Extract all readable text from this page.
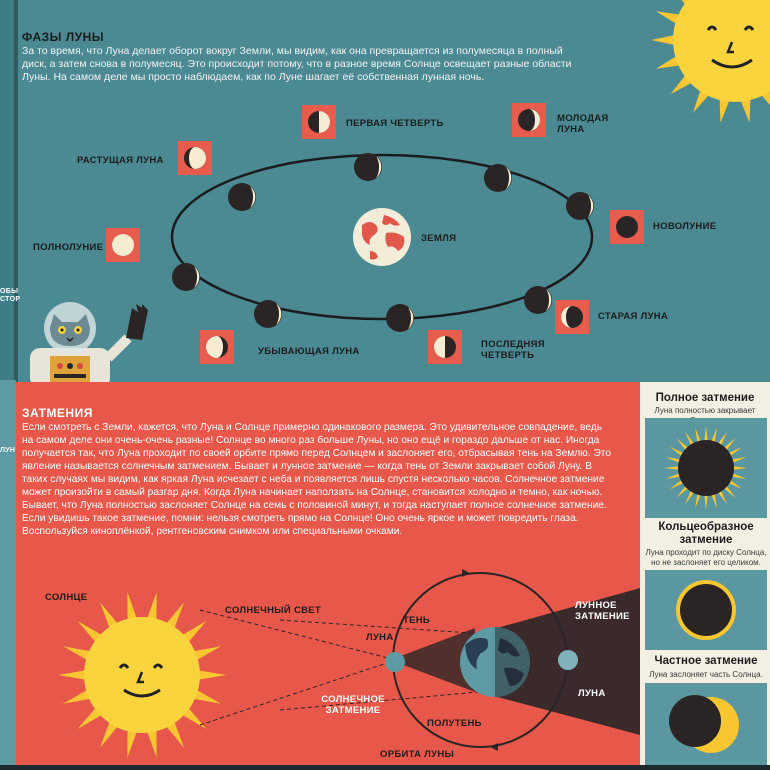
ОБЫ СТОР
ЛУН
ФАЗЫ ЛУНЫ
За то время, что Луна делает оборот вокруг Земли, мы видим, как она превращается из полумесяца в полный диск, а затем снова в полумесяц. Это происходит потому, что в разное время Солнце освещает разные области Луны. На самом деле мы просто наблюдаем, как по Луне шагает её собственная лунная ночь.
ЗЕМЛЯ
ПЕРВАЯ ЧЕТВЕРТЬ	МОЛОДАЯ ЛУНА
РАСТУЩАЯ ЛУНА
НОВОЛУНИЕ
ПОЛНОЛУНИЕ
СТАРАЯ ЛУНА
УБЫВАЮЩАЯ ЛУНА
ПОСЛЕДНЯЯ ЧЕТВЕРТЬ
ЗАТМЕНИЯ
Если смотреть с Земли, кажется, что Луна и Солнце примерно одинакового размера. Это удивительное совпадение, ведь на самом деле они очень-очень разные! Солнце во много раз больше Луны, но оно ещё и гораздо дальше от нас. Иногда получается так, что Луна проходит по своей орбите прямо перед Солнцем и заслоняет его, отбрасывая тень на Землю. Это явление называется солнечным затмением. Бывает и лунное затмение — когда тень от Земли закрывает собой Луну. В таких случаях мы видим, как яркая Луна исчезает с неба и появляется лишь спустя несколько часов. Солнечное затмение может произойти в самый разгар дня. Когда Луна начинает наползать на Солнце, становится холодно и темно, как ночью. Бывает, что Луна полностью заслоняет Солнце на семь с половиной минут, и тогда наступает полное солнечное затмение. Если увидишь такое затмение, помни: нельзя смотреть прямо на Солнце! Оно очень яркое и может повредить глаза. Воспользуйся киноплёнкой, рентгеновским снимком или специальными очками.
СОЛНЦЕ
СОЛНЕЧНЫЙ СВЕТ
ТЕНЬ
ЛУНА
ЛУННОЕ ЗАТМЕНИЕ
ЛУНА
СОЛНЕЧНОЕ ЗАТМЕНИЕ
ПОЛУТЕНЬ
ОРБИТА ЛУНЫ
Полное затмение
Луна полностью закрывает
Кольцеобразное затмение
Луна проходит по диску Солнца, но не заслоняет его целиком.
Частное затмение
Луна заслоняет часть Солнца.
